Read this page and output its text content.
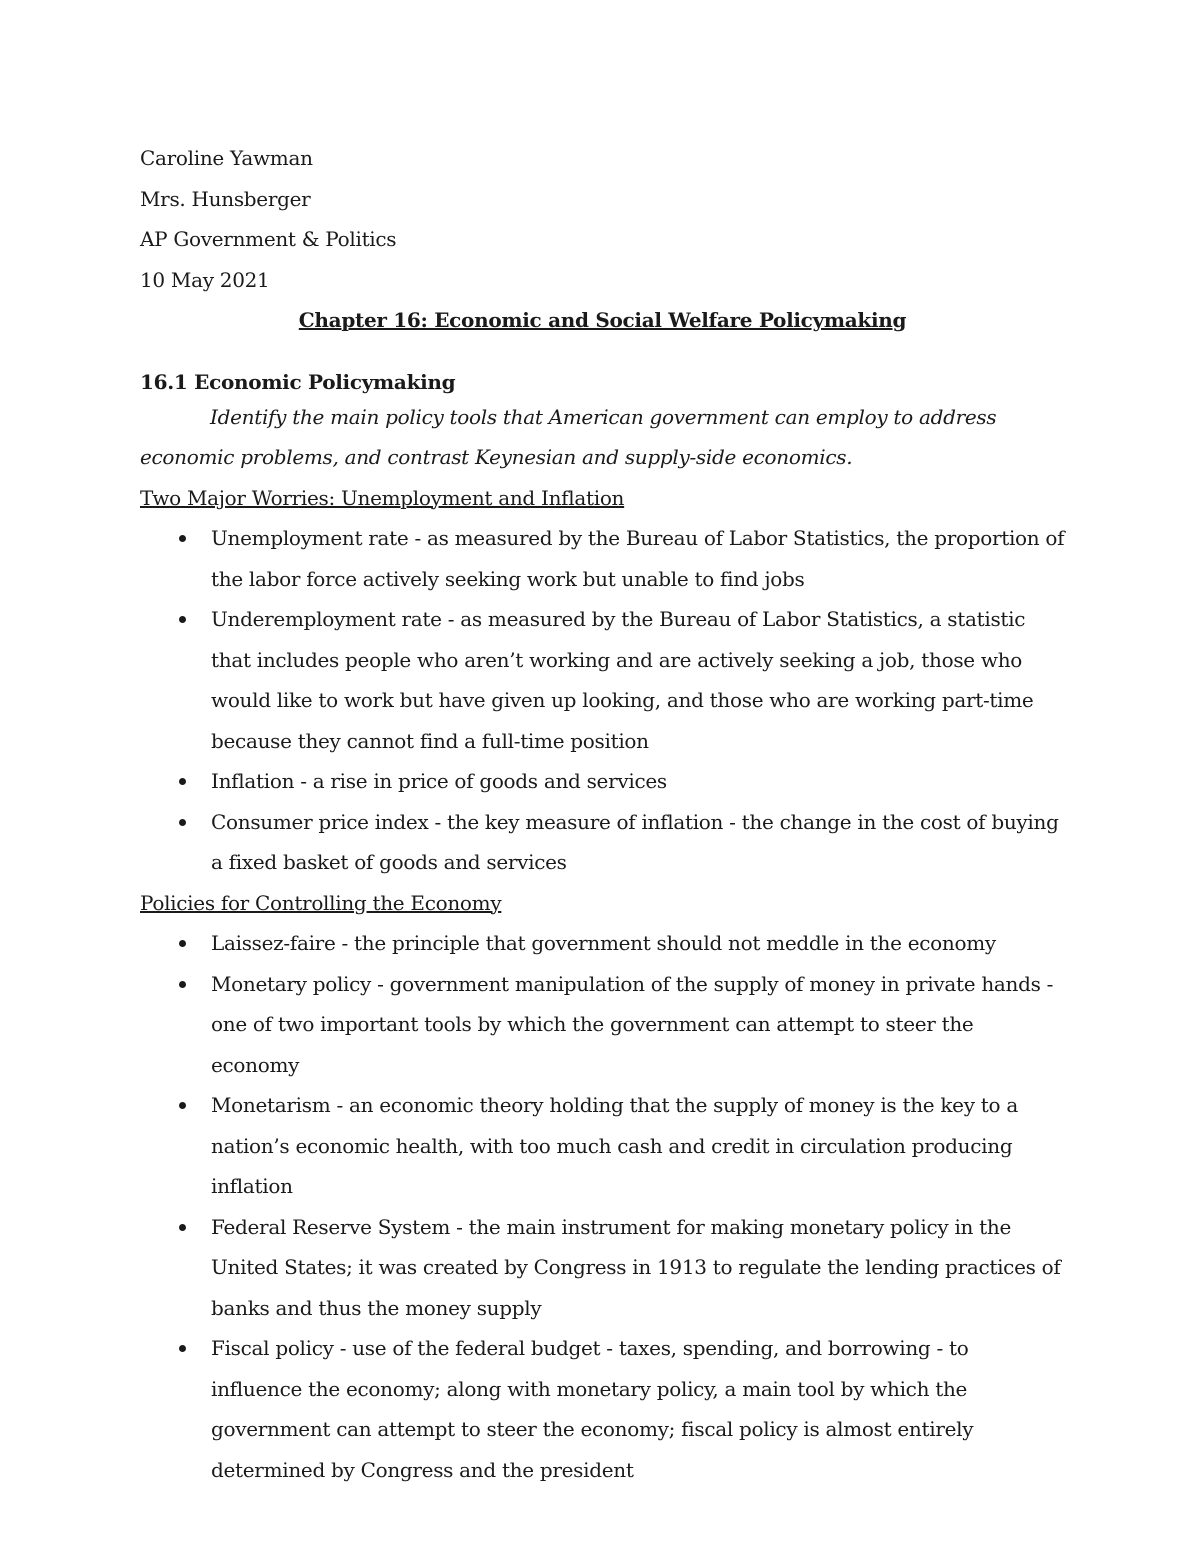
Caroline Yawman
Mrs. Hunsberger
AP Government & Politics
10 May 2021
Chapter 16: Economic and Social Welfare Policymaking
16.1 Economic Policymaking
Identify the main policy tools that American government can employ to address economic problems, and contrast Keynesian and supply-side economics.
Two Major Worries: Unemployment and Inflation
Unemployment rate - as measured by the Bureau of Labor Statistics, the proportion of the labor force actively seeking work but unable to find jobs
Underemployment rate - as measured by the Bureau of Labor Statistics, a statistic that includes people who aren’t working and are actively seeking a job, those who would like to work but have given up looking, and those who are working part-time because they cannot find a full-time position
Inflation - a rise in price of goods and services
Consumer price index - the key measure of inflation - the change in the cost of buying a fixed basket of goods and services
Policies for Controlling the Economy
Laissez-faire - the principle that government should not meddle in the economy
Monetary policy - government manipulation of the supply of money in private hands - one of two important tools by which the government can attempt to steer the economy
Monetarism - an economic theory holding that the supply of money is the key to a nation’s economic health, with too much cash and credit in circulation producing inflation
Federal Reserve System - the main instrument for making monetary policy in the United States; it was created by Congress in 1913 to regulate the lending practices of banks and thus the money supply
Fiscal policy - use of the federal budget - taxes, spending, and borrowing - to influence the economy; along with monetary policy, a main tool by which the government can attempt to steer the economy; fiscal policy is almost entirely determined by Congress and the president
